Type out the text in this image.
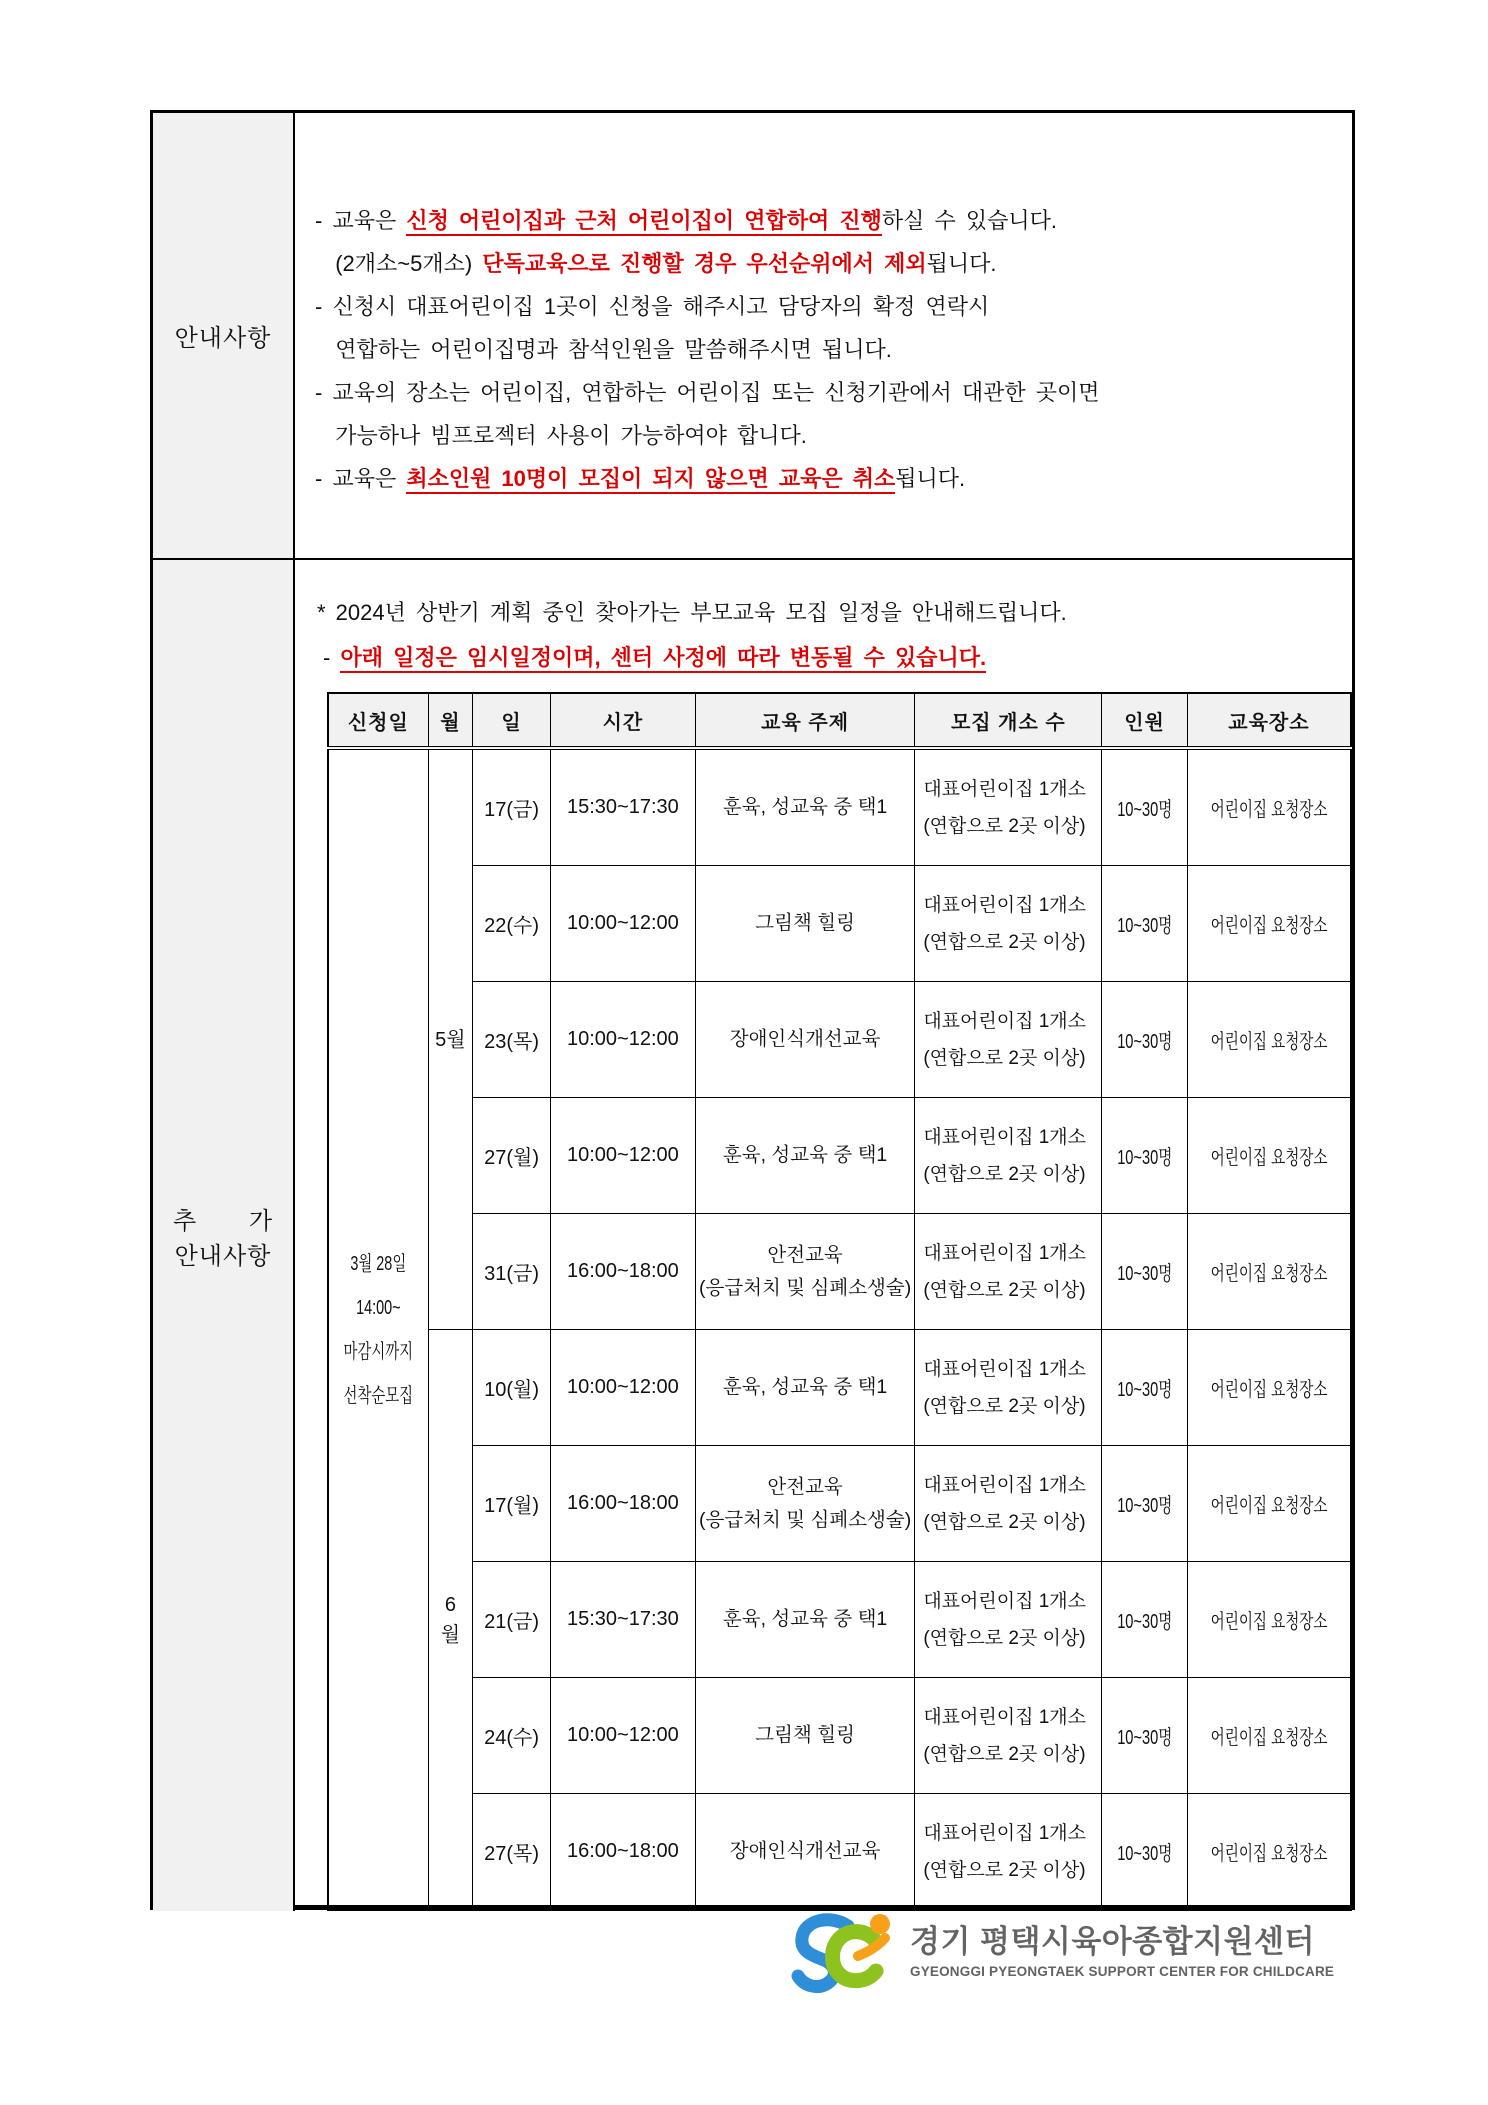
안내사항
- 교육은 신청 어린이집과 근처 어린이집이 연합하여 진행하실 수 있습니다.
(2개소~5개소) 단독교육으로 진행할 경우 우선순위에서 제외됩니다.
- 신청시 대표어린이집 1곳이 신청을 해주시고 담당자의 확정 연락시
연합하는 어린이집명과 참석인원을 말씀해주시면 됩니다.
- 교육의 장소는 어린이집, 연합하는 어린이집 또는 신청기관에서 대관한 곳이면
가능하나 빔프로젝터 사용이 가능하여야 합니다.
- 교육은 최소인원 10명이 모집이 되지 않으면 교육은 취소됩니다.
추 가
안내사항
* 2024년 상반기 계획 중인 찾아가는 부모교육 모집 일정을 안내해드립니다.
- 아래 일정은 임시일정이며, 센터 사정에 따라 변동될 수 있습니다.
신청일	월	일	시간	교육 주제	모집 개소 수	인원	교육장소

3월 28일
14:00~
마감시까지
선착순모집
	5월	17(금)	15:30~17:30	훈육, 성교육 중 택1	대표어린이집 1개소
(연합으로 2곳 이상)	10~30명	어린이집 요청장소
		22(수)	10:00~12:00	그림책 힐링	대표어린이집 1개소
(연합으로 2곳 이상)	10~30명	어린이집 요청장소
		23(목)	10:00~12:00	장애인식개선교육	대표어린이집 1개소
(연합으로 2곳 이상)	10~30명	어린이집 요청장소
		27(월)	10:00~12:00	훈육, 성교육 중 택1	대표어린이집 1개소
(연합으로 2곳 이상)	10~30명	어린이집 요청장소
		31(금)	16:00~18:00	안전교육
(응급처치 및 심폐소생술)	대표어린이집 1개소
(연합으로 2곳 이상)	10~30명	어린이집 요청장소
	6
월	10(월)	10:00~12:00	훈육, 성교육 중 택1	대표어린이집 1개소
(연합으로 2곳 이상)	10~30명	어린이집 요청장소
		17(월)	16:00~18:00	안전교육
(응급처치 및 심폐소생술)	대표어린이집 1개소
(연합으로 2곳 이상)	10~30명	어린이집 요청장소
		21(금)	15:30~17:30	훈육, 성교육 중 택1	대표어린이집 1개소
(연합으로 2곳 이상)	10~30명	어린이집 요청장소
		24(수)	10:00~12:00	그림책 힐링	대표어린이집 1개소
(연합으로 2곳 이상)	10~30명	어린이집 요청장소
		27(목)	16:00~18:00	장애인식개선교육	대표어린이집 1개소
(연합으로 2곳 이상)	10~30명	어린이집 요청장소
경기 평택시육아종합지원센터
GYEONGGI PYEONGTAEK SUPPORT CENTER FOR CHILDCARE
